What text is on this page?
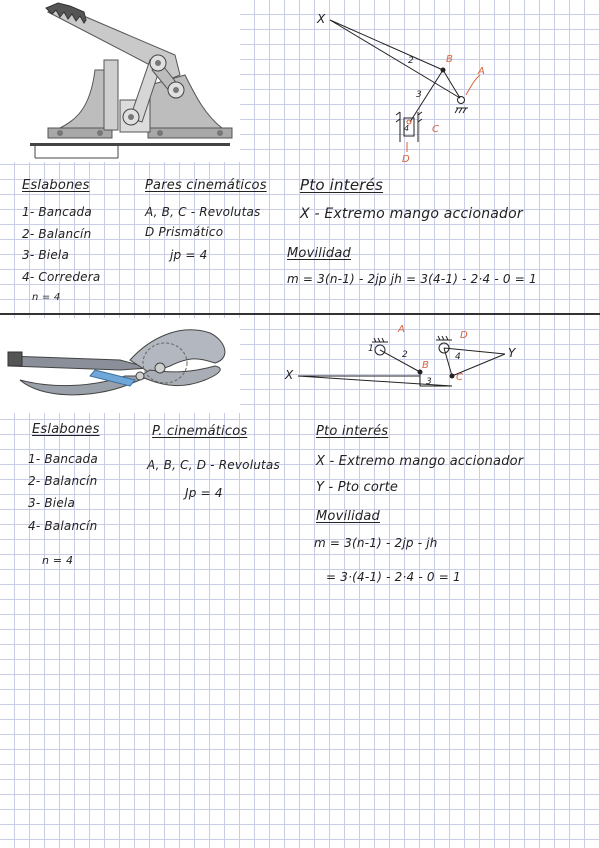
X
2	B
A
3
4 C
D
Eslabones
1- Bancada
2- Balancín
3- Biela
4- Corredera
n = 4
Pares cinemáticos
A, B, C - Revolutas
D Prismático
jp = 4
Pto interés
X - Extremo mango accionador
Movilidad
m = 3(n-1) - 2jp jh = 3(4-1) - 2·4 - 0 = 1
A
D
1
2
B
4
C
3
X
Y
Eslabones
1- Bancada
2- Balancín
3- Biela
4- Balancín
n = 4
P. cinemáticos
A, B, C, D - Revolutas
Jp = 4
Pto interés
X - Extremo mango accionador
Y - Pto corte
Movilidad
m = 3(n-1) - 2jp - jh
= 3·(4-1) - 2·4 - 0 = 1
